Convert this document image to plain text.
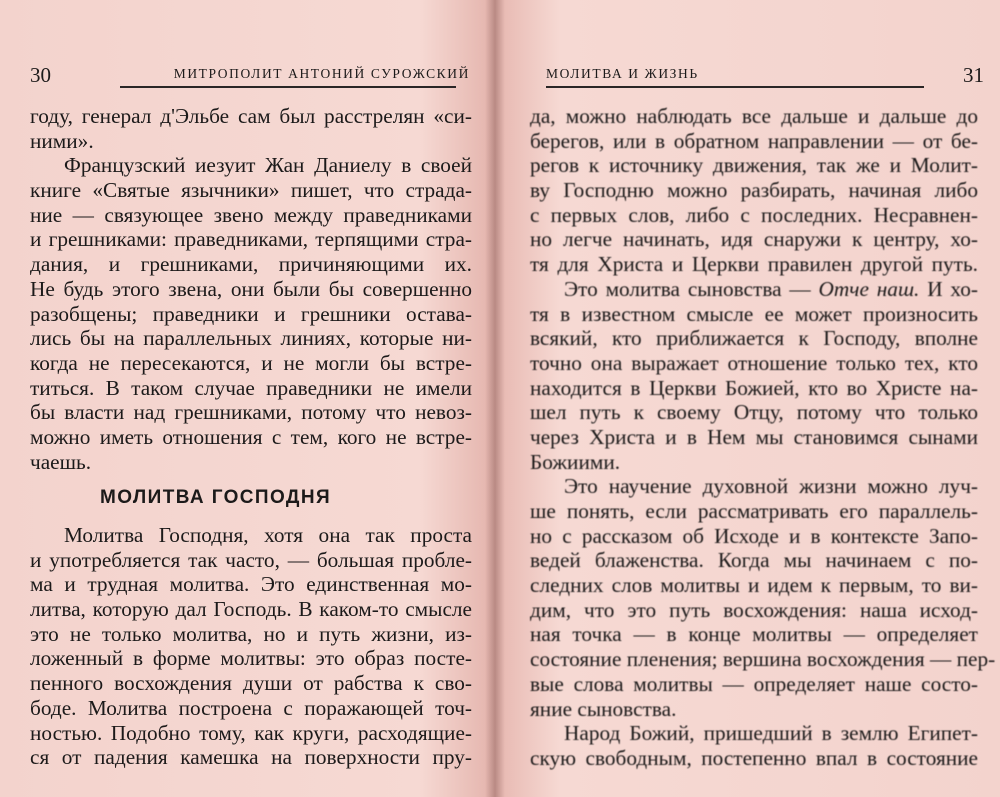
30	МИТРОПОЛИТ АНТОНИЙ СУРОЖСКИЙ
году, генерал д'Эльбе сам был расстрелян «си-
ними».
Французский иезуит Жан Даниелу в своей
книге «Святые язычники» пишет, что страда-
ние — связующее звено между праведниками
и грешниками: праведниками, терпящими стра-
дания, и грешниками, причиняющими их.
Не будь этого звена, они были бы совершенно
разобщены; праведники и грешники остава-
лись бы на параллельных линиях, которые ни-
когда не пересекаются, и не могли бы встре-
титься. В таком случае праведники не имели
бы власти над грешниками, потому что невоз-
можно иметь отношения с тем, кого не встре-
чаешь.
МОЛИТВА ГОСПОДНЯ
Молитва Господня, хотя она так проста
и употребляется так часто, — большая пробле-
ма и трудная молитва. Это единственная мо-
литва, которую дал Господь. В каком-то смысле
это не только молитва, но и путь жизни, из-
ложенный в форме молитвы: это образ посте-
пенного восхождения души от рабства к сво-
боде. Молитва построена с поражающей точ-
ностью. Подобно тому, как круги, расходящие-
ся от падения камешка на поверхности пру-
МОЛИТВА И ЖИЗНЬ	31
да, можно наблюдать все дальше и дальше до
берегов, или в обратном направлении — от бе-
регов к источнику движения, так же и Молит-
ву Господню можно разбирать, начиная либо
с первых слов, либо с последних. Несравнен-
но легче начинать, идя снаружи к центру, хо-
тя для Христа и Церкви правилен другой путь.
Это молитва сыновства — Отче наш. И хо-
тя в известном смысле ее может произносить
всякий, кто приближается к Господу, вполне
точно она выражает отношение только тех, кто
находится в Церкви Божией, кто во Христе на-
шел путь к своему Отцу, потому что только
через Христа и в Нем мы становимся сынами
Божиими.
Это научение духовной жизни можно луч-
ше понять, если рассматривать его параллель-
но с рассказом об Исходе и в контексте Запо-
ведей блаженства. Когда мы начинаем с по-
следних слов молитвы и идем к первым, то ви-
дим, что это путь восхождения: наша исход-
ная точка — в конце молитвы — определяет
состояние пленения; вершина восхождения — пер-
вые слова молитвы — определяет наше состо-
яние сыновства.
Народ Божий, пришедший в землю Египет-
скую свободным, постепенно впал в состояние
